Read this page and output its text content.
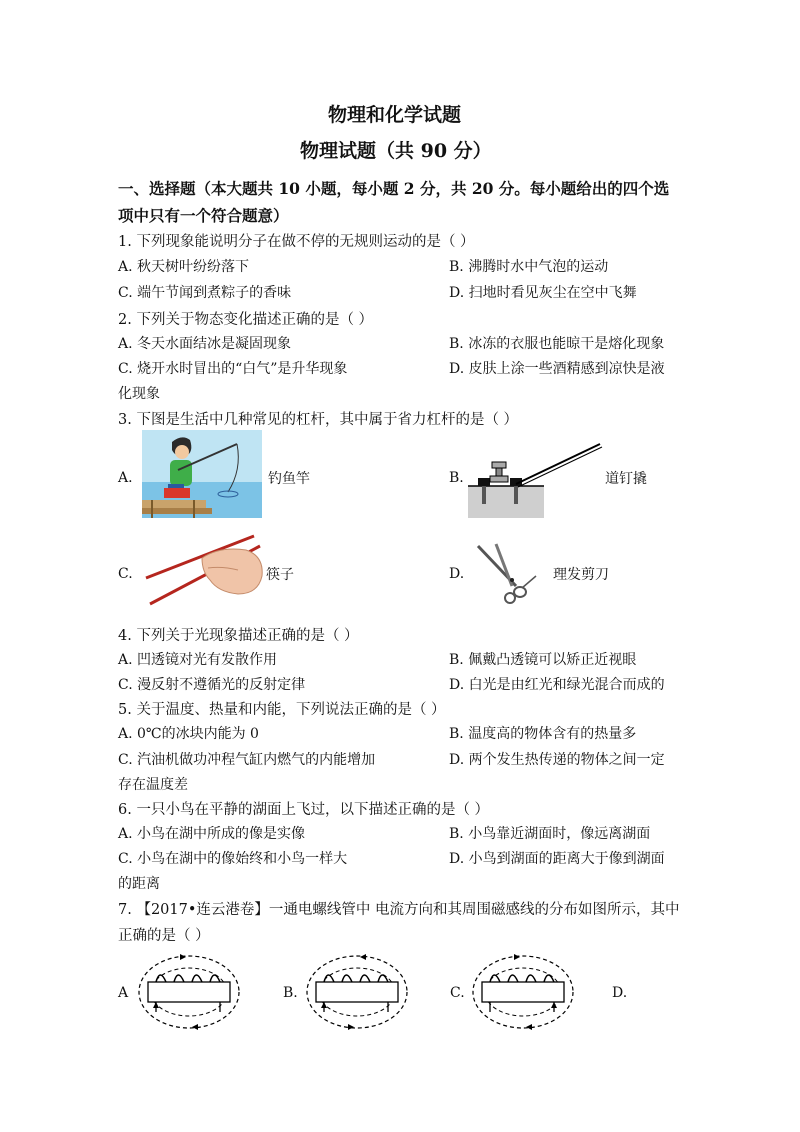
物理和化学试题
物理试题（共 90 分）
一、选择题（本大题共 10 小题，每小题 2 分，共 20 分。每小题给出的四个选
项中只有一个符合题意）
1. 下列现象能说明分子在做不停的无规则运动的是（ ）
A. 秋天树叶纷纷落下	B. 沸腾时水中气泡的运动
C. 端午节闻到煮粽子的香味	D. 扫地时看见灰尘在空中飞舞
2. 下列关于物态变化描述正确的是（ ）
A. 冬天水面结冰是凝固现象	B. 冰冻的衣服也能晾干是熔化现象
C. 烧开水时冒出的“白气”是升华现象	D. 皮肤上涂一些酒精感到凉快是液
化现象
3. 下图是生活中几种常见的杠杆，其中属于省力杠杆的是（ ）
A.	钓鱼竿	B.	道钉撬
C.	筷子	D.	理发剪刀
4. 下列关于光现象描述正确的是（ ）
A. 凹透镜对光有发散作用	B. 佩戴凸透镜可以矫正近视眼
C. 漫反射不遵循光的反射定律	D. 白光是由红光和绿光混合而成的
5. 关于温度、热量和内能，下列说法正确的是（ ）
A. 0℃的冰块内能为 0	B. 温度高的物体含有的热量多
C. 汽油机做功冲程气缸内燃气的内能增加	D. 两个发生热传递的物体之间一定
存在温度差
6. 一只小鸟在平静的湖面上飞过，以下描述正确的是（ ）
A. 小鸟在湖中所成的像是实像	B. 小鸟靠近湖面时，像远离湖面
C. 小鸟在湖中的像始终和小鸟一样大	D. 小鸟到湖面的距离大于像到湖面
的距离
7. 【2017•连云港卷】一通电螺线管中 电流方向和其周围磁感线的分布如图所示，其中
正确的是（ ）
A	B.	C.	D.
